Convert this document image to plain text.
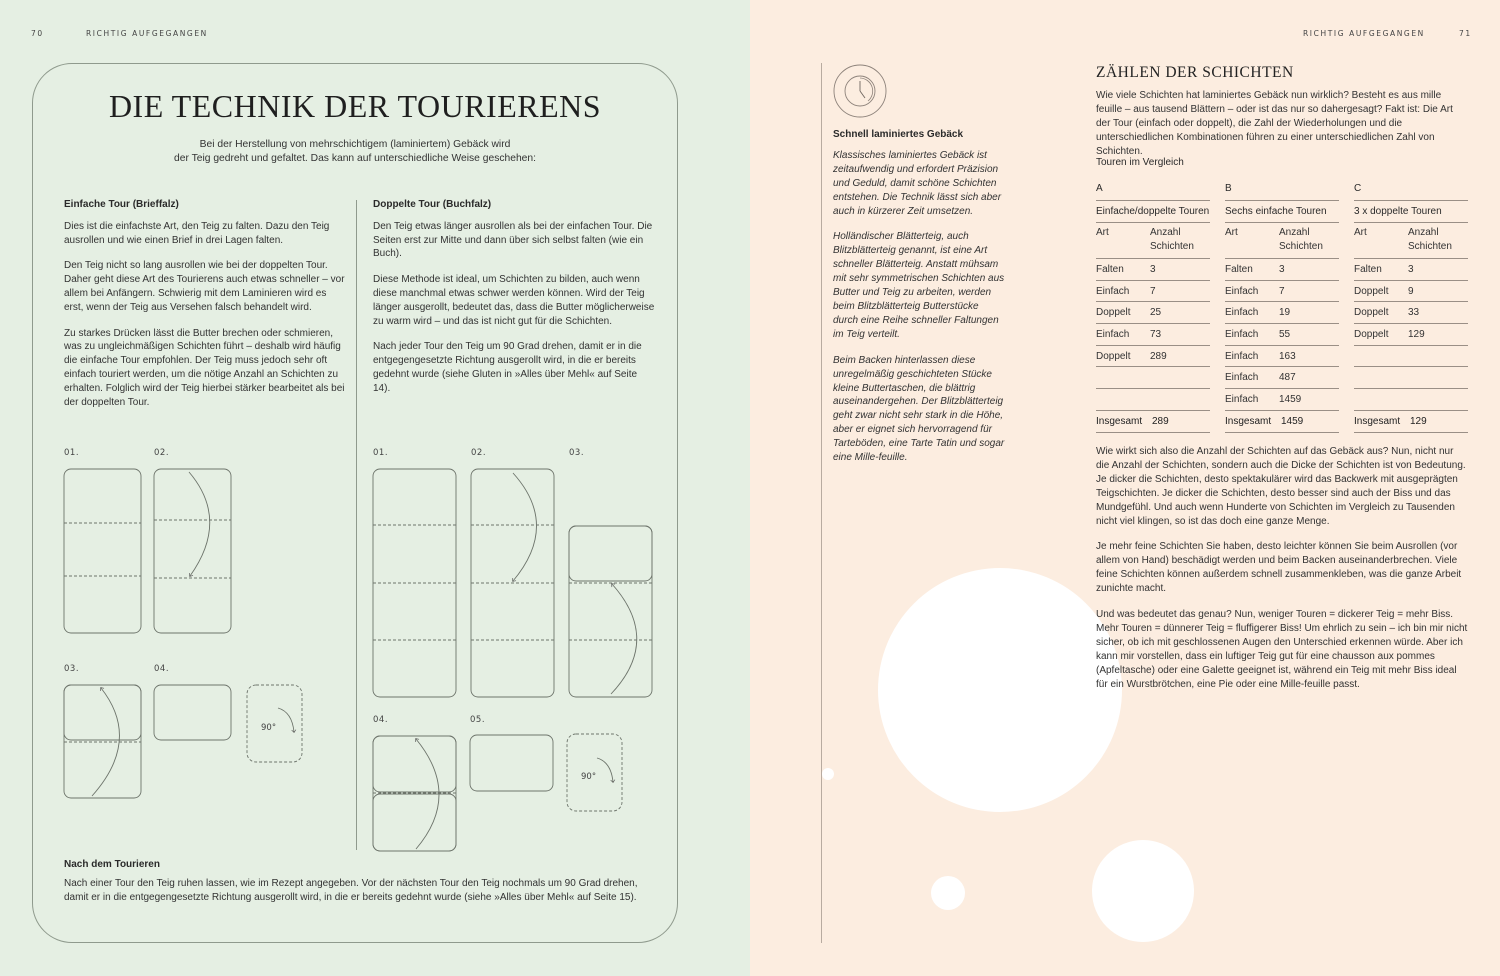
70	RICHTIG AUFGEGANGEN
DIE TECHNIK DER TOURIERENS
Bei der Herstellung von mehrschichtigem (laminiertem) Gebäck wird
der Teig gedreht und gefaltet. Das kann auf unterschiedliche Weise geschehen:
Einfache Tour (Brieffalz)

Dies ist die einfachste Art, den Teig zu falten. Dazu den Teig ausrollen und wie einen Brief in drei Lagen falten.

Den Teig nicht so lang ausrollen wie bei der doppelten Tour. Daher geht diese Art des Tourierens auch etwas schneller – vor allem bei Anfängern. Schwierig mit dem Laminieren wird es erst, wenn der Teig aus Versehen falsch behandelt wird.

Zu starkes Drücken lässt die Butter brechen oder schmieren, was zu ungleichmäßigen Schichten führt – deshalb wird häufig die einfache Tour empfohlen. Der Teig muss jedoch sehr oft einfach touriert werden, um die nötige Anzahl an Schichten zu erhalten. Folglich wird der Teig hierbei stärker bearbeitet als bei der doppelten Tour.

Doppelte Tour (Buchfalz)

Den Teig etwas länger ausrollen als bei der einfachen Tour. Die Seiten erst zur Mitte und dann über sich selbst falten (wie ein Buch).

Diese Methode ist ideal, um Schichten zu bilden, auch wenn diese manchmal etwas schwer werden können. Wird der Teig länger ausgerollt, bedeutet das, dass die Butter möglicherweise zu warm wird – und das ist nicht gut für die Schichten.

Nach jeder Tour den Teig um 90 Grad drehen, damit er in die entgegengesetzte Richtung ausgerollt wird, in die er bereits gedehnt wurde (siehe Gluten in »Alles über Mehl« auf Seite 14).

01.	02.
03.	04.
90°
01.	02.	03.
04.	05.
90°
Nach dem Tourieren

Nach einer Tour den Teig ruhen lassen, wie im Rezept angegeben. Vor der nächsten Tour den Teig nochmals um 90 Grad drehen, damit er in die entgegengesetzte Richtung ausgerollt wird, in die er bereits gedehnt wurde (siehe »Alles über Mehl« auf Seite 15).

RICHTIG AUFGEGANGEN	71
Schnell laminiertes Gebäck

Klassisches laminiertes Gebäck ist zeitaufwendig und erfordert Präzision und Geduld, damit schöne Schichten entstehen. Die Technik lässt sich aber auch in kürzerer Zeit umsetzen.

Holländischer Blätterteig, auch Blitzblätterteig genannt, ist eine Art schneller Blätterteig. Anstatt mühsam mit sehr symmetrischen Schichten aus Butter und Teig zu arbeiten, werden beim Blitzblätterteig Butterstücke durch eine Reihe schneller Faltungen im Teig verteilt.

Beim Backen hinterlassen diese unregelmäßig geschichteten Stücke kleine Buttertaschen, die blättrig auseinandergehen. Der Blitzblätterteig geht zwar nicht sehr stark in die Höhe, aber er eignet sich hervorragend für Tarteböden, eine Tarte Tatin und sogar eine Mille-feuille.

ZÄHLEN DER SCHICHTEN

Wie viele Schichten hat laminiertes Gebäck nun wirklich? Besteht es aus mille feuille – aus tausend Blättern – oder ist das nur so dahergesagt? Fakt ist: Die Art der Tour (einfach oder doppelt), die Zahl der Wiederholungen und die unterschiedlichen Kombinationen führen zu einer unterschiedlichen Zahl von Schichten.

Touren im Vergleich
A
Einfache/doppelte Touren
Art	Anzahl Schichten
Falten	3
Einfach	7
Doppelt	25
Einfach	73
Doppelt	289
Insgesamt 289
B
Sechs einfache Touren
Art	Anzahl Schichten
Falten	3
Einfach	7
Einfach	19
Einfach	55
Einfach	163
Einfach	487
Einfach	1459
Insgesamt 1459
C
3 x doppelte Touren
Art	Anzahl Schichten
Falten	3
Doppelt	9
Doppelt	33
Doppelt	129
Insgesamt 129

Wie wirkt sich also die Anzahl der Schichten auf das Gebäck aus? Nun, nicht nur die Anzahl der Schichten, sondern auch die Dicke der Schichten ist von Bedeutung. Je dicker die Schichten, desto spektakulärer wird das Backwerk mit ausgeprägten Teigschichten. Je dicker die Schichten, desto besser sind auch der Biss und das Mundgefühl. Und auch wenn Hunderte von Schichten im Vergleich zu Tausenden nicht viel klingen, so ist das doch eine ganze Menge.

Je mehr feine Schichten Sie haben, desto leichter können Sie beim Ausrollen (vor allem von Hand) beschädigt werden und beim Backen auseinanderbrechen. Viele feine Schichten können außerdem schnell zusammenkleben, was die ganze Arbeit zunichte macht.

Und was bedeutet das genau? Nun, weniger Touren = dickerer Teig = mehr Biss. Mehr Touren = dünnerer Teig = fluffigerer Biss! Um ehrlich zu sein – ich bin mir nicht sicher, ob ich mit geschlossenen Augen den Unterschied erkennen würde. Aber ich kann mir vorstellen, dass ein luftiger Teig gut für eine chausson aux pommes (Apfeltasche) oder eine Galette geeignet ist, während ein Teig mit mehr Biss ideal für ein Wurstbrötchen, eine Pie oder eine Mille-feuille passt.
